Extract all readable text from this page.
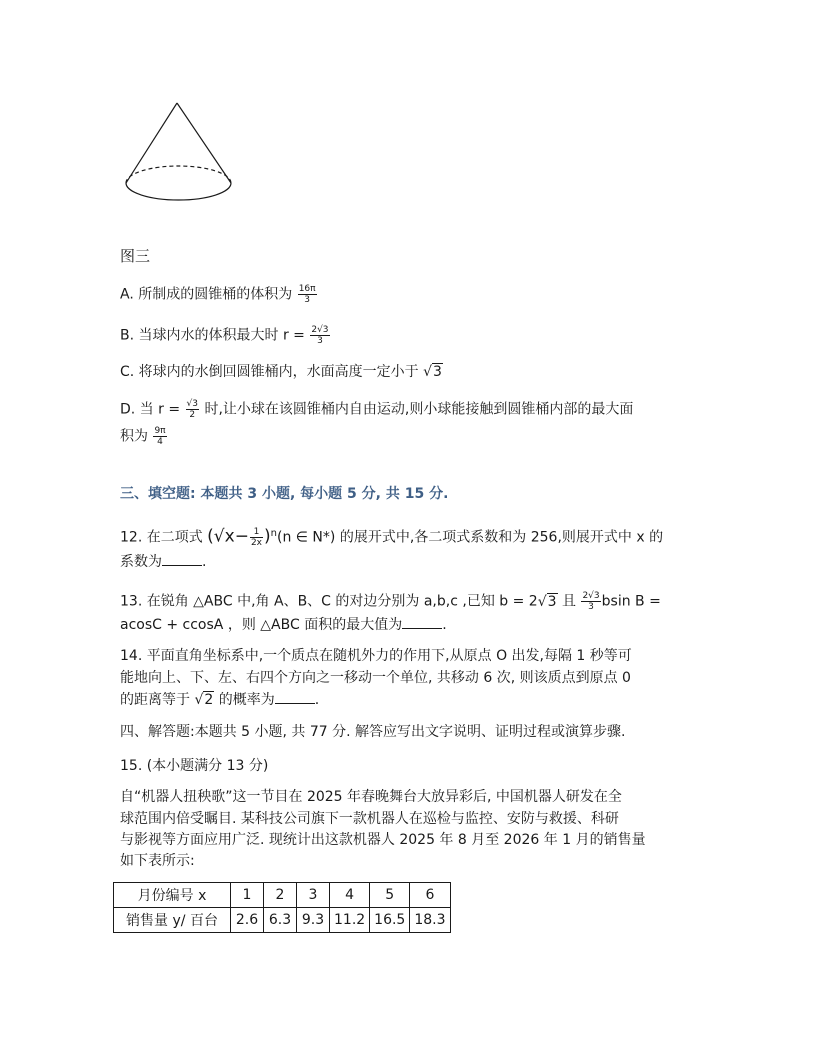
图三
A. 所制成的圆锥桶的体积为 $\frac{16\pi}{3}$
B. 当球内水的体积最大时 $r = \frac{2√3}{3}$
C. 将球内的水倒回圆锥桶内，水面高度一定小于 √3
D. 当 $r = \frac{√3}{2}$ 时,让小球在该圆锥桶内自由运动,则小球能接触到圆锥桶内部的最大面
积为 $\frac{9\pi}{4}$
三、填空题: 本题共 3 小题, 每小题 5 分, 共 15 分.
12. 在二项式 $(√x- \frac{1}{2x} )^n(n$ ∈ N*) 的展开式中,各二项式系数和为 256,则展开式中 x 的
系数为	.
13. 在锐角 △ABC 中,角 A、B、C 的对边分别为 a,b,c ,已知 b = 2√3 且 $\frac{2√3}{3}$ bsin B =
acosC + ccosA ，则 △ABC 面积的最大值为	.
14. 平面直角坐标系中,一个质点在随机外力的作用下,从原点 O 出发,每隔 1 秒等可
能地向上、下、左、右四个方向之一移动一个单位, 共移动 6 次, 则该质点到原点 0
的距离等于 √2 的概率为	.
四、解答题:本题共 5 小题, 共 77 分. 解答应写出文字说明、证明过程或演算步骤.
15. (本小题满分 13 分)
自“机器人扭秧歌”这一节目在 2025 年春晚舞台大放异彩后, 中国机器人研发在全
球范围内倍受瞩目. 某科技公司旗下一款机器人在巡检与监控、安防与救援、科研
与影视等方面应用广泛. 现统计出这款机器人 2025 年 8 月至 2026 年 1 月的销售量
如下表所示:
月份编号 x	1	2	3	4	5	6
销售量 y/ 百台	2.6	6.3	9.3	11.2	16.5	18.3
